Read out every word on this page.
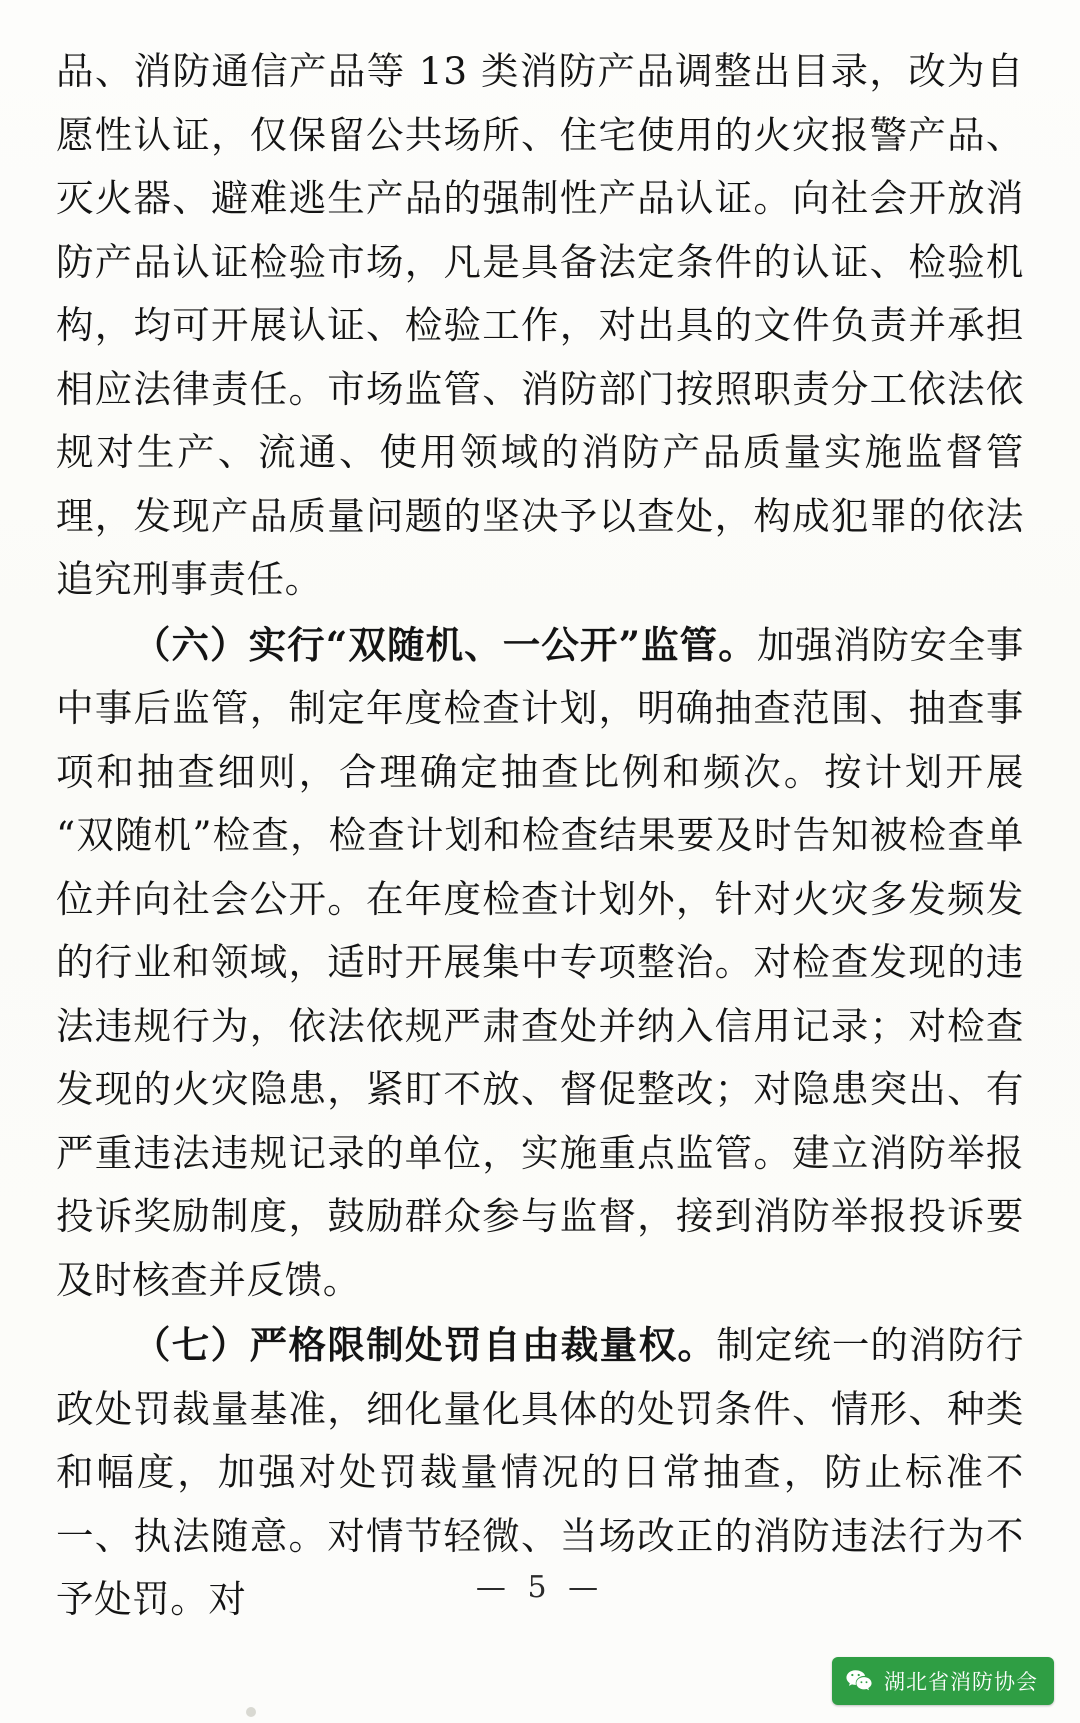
品、消防通信产品等 13 类消防产品调整出目录，改为自愿性认证，仅保留公共场所、住宅使用的火灾报警产品、灭火器、避难逃生产品的强制性产品认证。向社会开放消防产品认证检验市场，凡是具备法定条件的认证、检验机构，均可开展认证、检验工作，对出具的文件负责并承担相应法律责任。市场监管、消防部门按照职责分工依法依规对生产、流通、使用领域的消防产品质量实施监督管理，发现产品质量问题的坚决予以查处，构成犯罪的依法追究刑事责任。

（六）实行“双随机、一公开”监管。加强消防安全事中事后监管，制定年度检查计划，明确抽查范围、抽查事项和抽查细则，合理确定抽查比例和频次。按计划开展“双随机”检查，检查计划和检查结果要及时告知被检查单位并向社会公开。在年度检查计划外，针对火灾多发频发的行业和领域，适时开展集中专项整治。对检查发现的违法违规行为，依法依规严肃查处并纳入信用记录；对检查发现的火灾隐患，紧盯不放、督促整改；对隐患突出、有严重违法违规记录的单位，实施重点监管。建立消防举报投诉奖励制度，鼓励群众参与监督，接到消防举报投诉要及时核查并反馈。

（七）严格限制处罚自由裁量权。制定统一的消防行政处罚裁量基准，细化量化具体的处罚条件、情形、种类和幅度，加强对处罚裁量情况的日常抽查，防止标准不一、执法随意。对情节轻微、当场改正的消防违法行为不予处罚。对	— 5 —
湖北省消防协会
